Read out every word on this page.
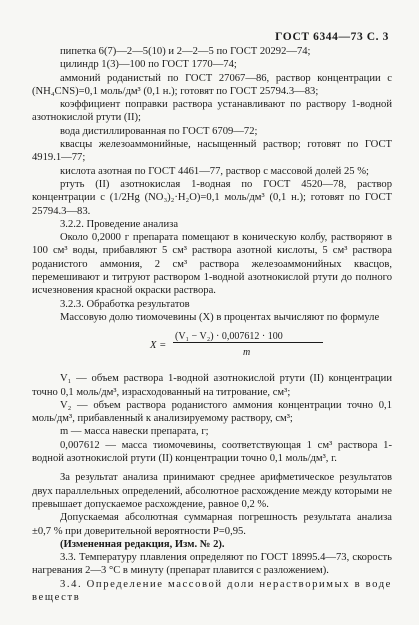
ГОСТ 6344—73 С. 3

пипетка 6(7)—2—5(10) и 2—2—5 по ГОСТ 20292—74;

цилиндр 1(3)—100 по ГОСТ 1770—74;

аммоний роданистый по ГОСТ 27067—86, раствор концентрации c (NH₄CNS)=0,1 моль/дм³ (0,1 н.); готовят по ГОСТ 25794.3—83;

коэффициент поправки раствора устанавливают по раствору 1-водной азотнокислой ртути (II);

вода дистиллированная по ГОСТ 6709—72;

квасцы железоаммонийные, насыщенный раствор; готовят по ГОСТ 4919.1—77;

кислота азотная по ГОСТ 4461—77, раствор с массовой долей 25 %;

ртуть (II) азотнокислая 1-водная по ГОСТ 4520—78, раствор концентрации c (1/2Hg (NO₃)₂·H₂O)=0,1 моль/дм³ (0,1 н.); готовят по ГОСТ 25794.3—83.

3.2.2. Проведение анализа

Около 0,2000 г препарата помещают в коническую колбу, растворяют в 100 см³ воды, прибавляют 5 см³ раствора азотной кислоты, 5 см³ раствора роданистого аммония, 2 см³ раствора железоаммонийных квасцов, перемешивают и титруют раствором 1-водной азотнокислой ртути до полного исчезновения красной окраски раствора.

3.2.3. Обработка результатов

Массовую долю тиомочевины (X) в процентах вычисляют по формуле

X =
(V₁ − V₂) · 0,007612 · 100
m

V₁ — объем раствора 1-водной азотнокислой ртути (II) концентрации точно 0,1 моль/дм³, израсходованный на титрование, см³;

V₂ — объем раствора роданистого аммония концентрации точно 0,1 моль/дм³, прибавленный к анализируемому раствору, см³;

m — масса навески препарата, г;

0,007612 — масса тиомочевины, соответствующая 1 см³ раствора 1-водной азотнокислой ртути (II) концентрации точно 0,1 моль/дм³, г.

За результат анализа принимают среднее арифметическое результатов двух параллельных определений, абсолютное расхождение между которыми не превышает допускаемое расхождение, равное 0,2 %.

Допускаемая абсолютная суммарная погрешность результата анализа ±0,7 % при доверительной вероятности P=0,95.

(Измененная редакция, Изм. № 2).

3.3. Температуру плавления определяют по ГОСТ 18995.4—73, скорость нагревания 2—3 °С в минуту (препарат плавится с разложением).

3.4. Определение массовой доли нерастворимых в воде веществ
